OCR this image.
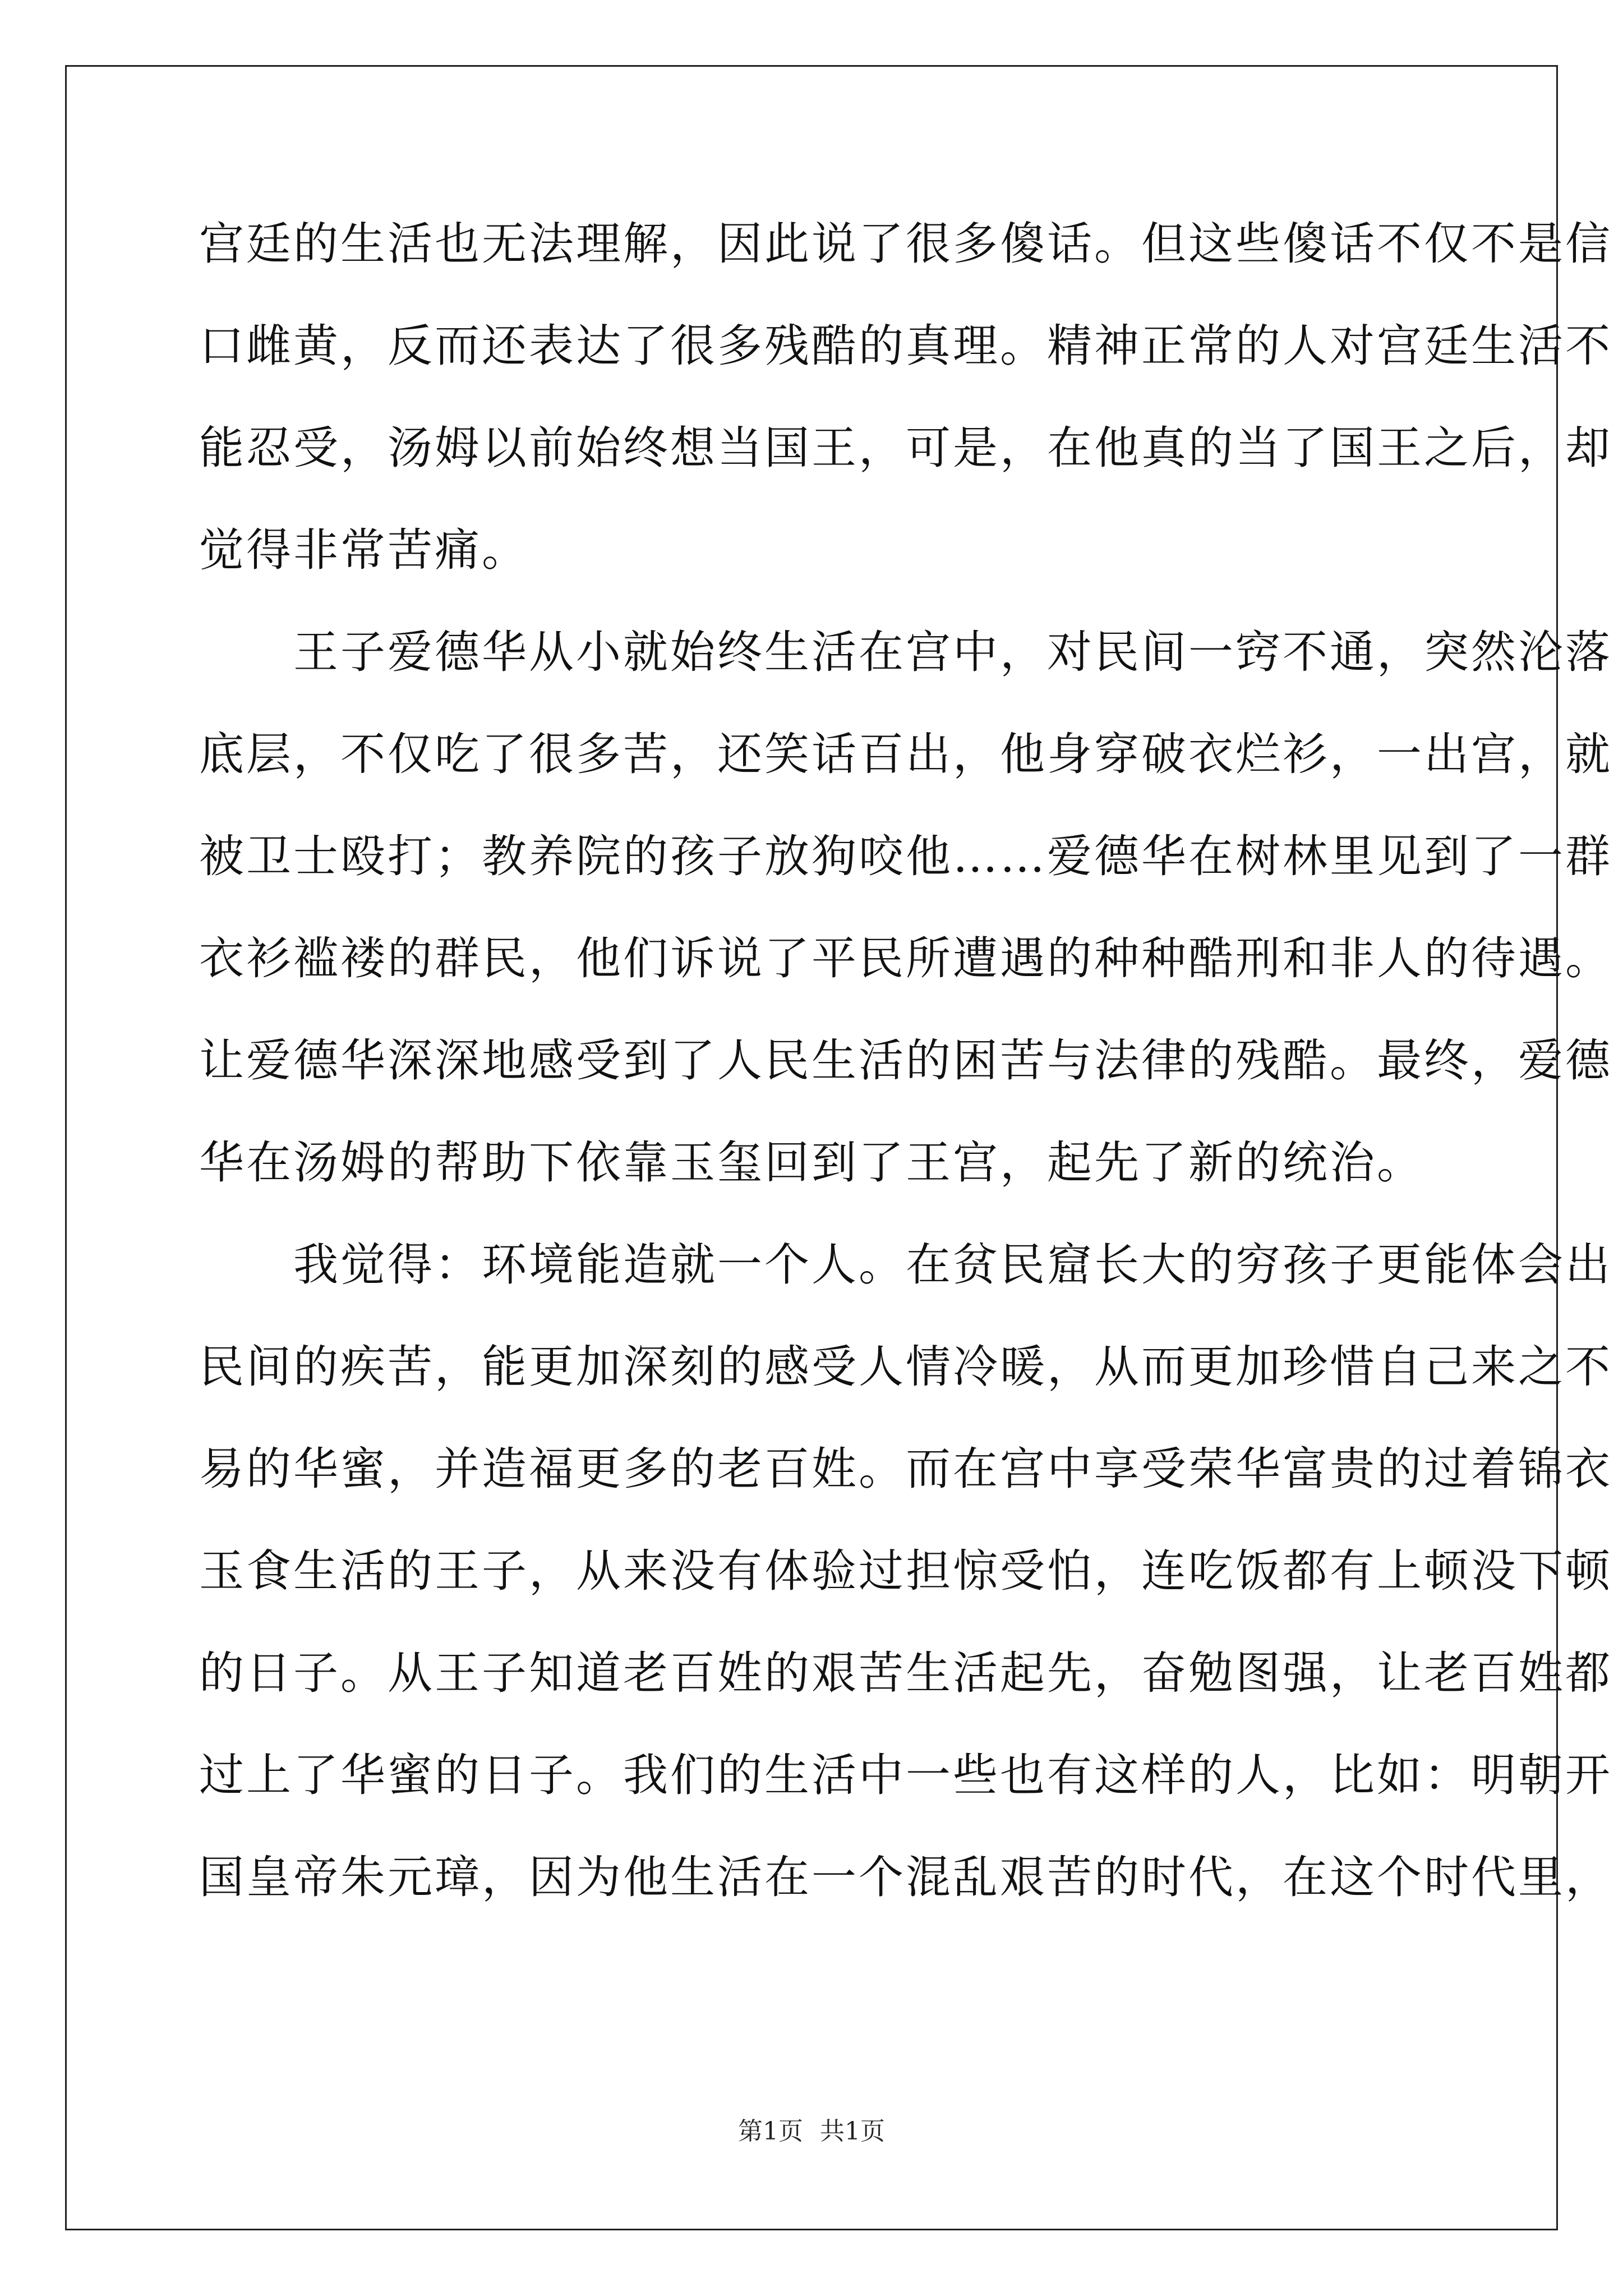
宫廷的生活也无法理解，因此说了很多傻话。但这些傻话不仅不是信
口雌黄，反而还表达了很多残酷的真理。精神正常的人对宫廷生活不
能忍受，汤姆以前始终想当国王，可是，在他真的当了国王之后，却
觉得非常苦痛。
　　王子爱德华从小就始终生活在宫中，对民间一窍不通，突然沦落
底层，不仅吃了很多苦，还笑话百出，他身穿破衣烂衫，一出宫，就
被卫士殴打；教养院的孩子放狗咬他……爱德华在树林里见到了一群
衣衫褴褛的群民，他们诉说了平民所遭遇的种种酷刑和非人的待遇。
让爱德华深深地感受到了人民生活的困苦与法律的残酷。最终，爱德
华在汤姆的帮助下依靠玉玺回到了王宫，起先了新的统治。
　　我觉得：环境能造就一个人。在贫民窟长大的穷孩子更能体会出
民间的疾苦，能更加深刻的感受人情冷暖，从而更加珍惜自己来之不
易的华蜜，并造福更多的老百姓。而在宫中享受荣华富贵的过着锦衣
玉食生活的王子，从来没有体验过担惊受怕，连吃饭都有上顿没下顿
的日子。从王子知道老百姓的艰苦生活起先，奋勉图强，让老百姓都
过上了华蜜的日子。我们的生活中一些也有这样的人，比如：明朝开
国皇帝朱元璋，因为他生活在一个混乱艰苦的时代，在这个时代里，
第1页 共1页
